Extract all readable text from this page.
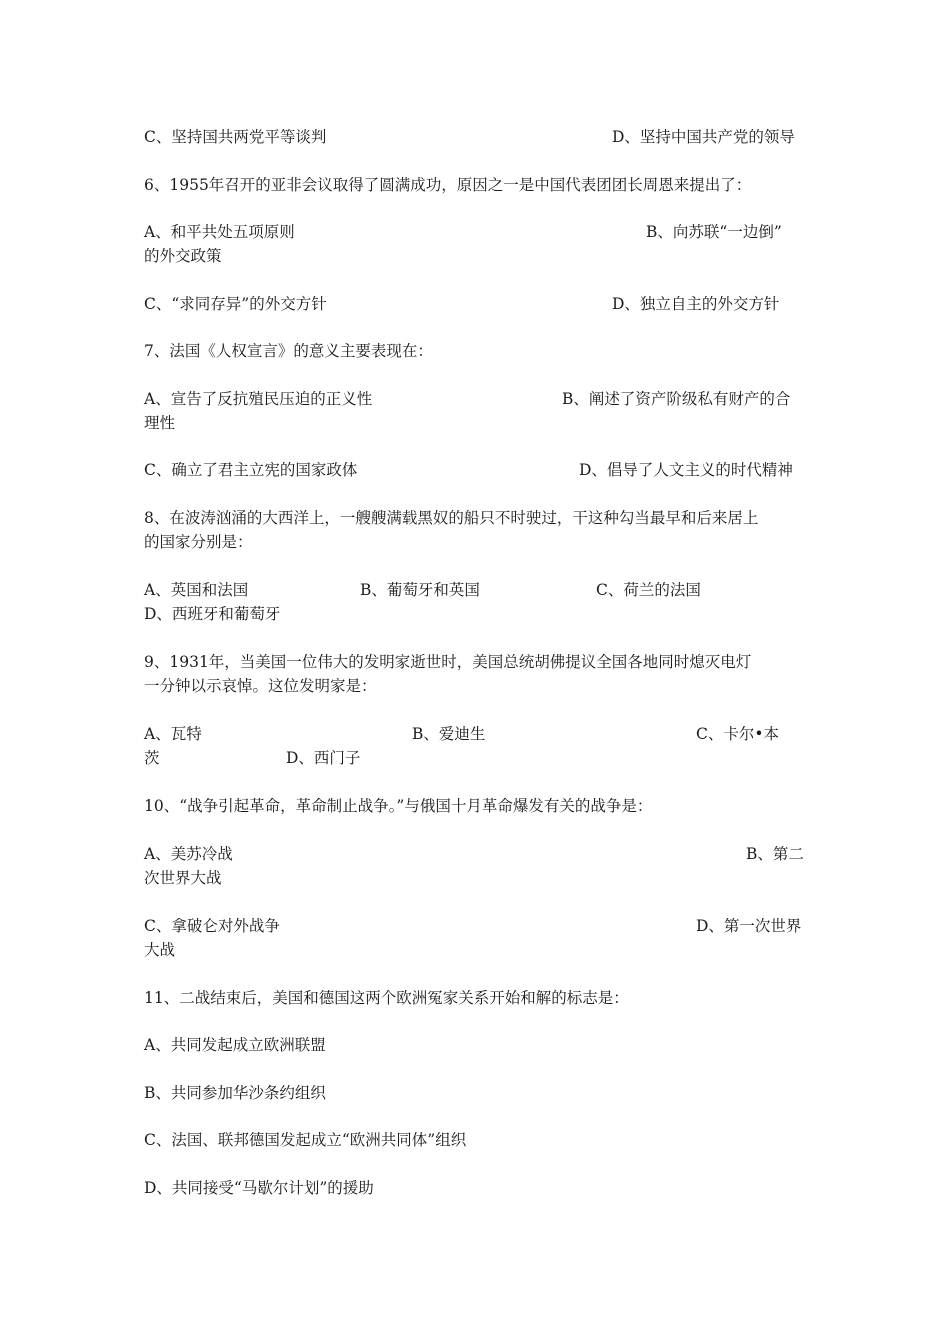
C、坚持国共两党平等谈判	D、坚持中国共产党的领导
6、1955年召开的亚非会议取得了圆满成功，原因之一是中国代表团团长周恩来提出了：
A、和平共处五项原则	B、向苏联“一边倒”
的外交政策
C、“求同存异”的外交方针	D、独立自主的外交方针
7、法国《人权宣言》的意义主要表现在：
A、宣告了反抗殖民压迫的正义性	B、阐述了资产阶级私有财产的合
理性
C、确立了君主立宪的国家政体	D、倡导了人文主义的时代精神
8、在波涛汹涌的大西洋上，一艘艘满载黑奴的船只不时驶过，干这种勾当最早和后来居上
的国家分别是：
A、英国和法国	B、葡萄牙和英国	C、荷兰的法国
D、西班牙和葡萄牙
9、1931年，当美国一位伟大的发明家逝世时，美国总统胡佛提议全国各地同时熄灭电灯
一分钟以示哀悼。这位发明家是：
A、瓦特	B、爱迪生	C、卡尔•本
茨	D、西门子
10、“战争引起革命，革命制止战争。”与俄国十月革命爆发有关的战争是：
A、美苏冷战	B、第二
次世界大战
C、拿破仑对外战争	D、第一次世界
大战
11、二战结束后，美国和德国这两个欧洲冤家关系开始和解的标志是：
A、共同发起成立欧洲联盟
B、共同参加华沙条约组织
C、法国、联邦德国发起成立“欧洲共同体”组织
D、共同接受“马歇尔计划”的援助
